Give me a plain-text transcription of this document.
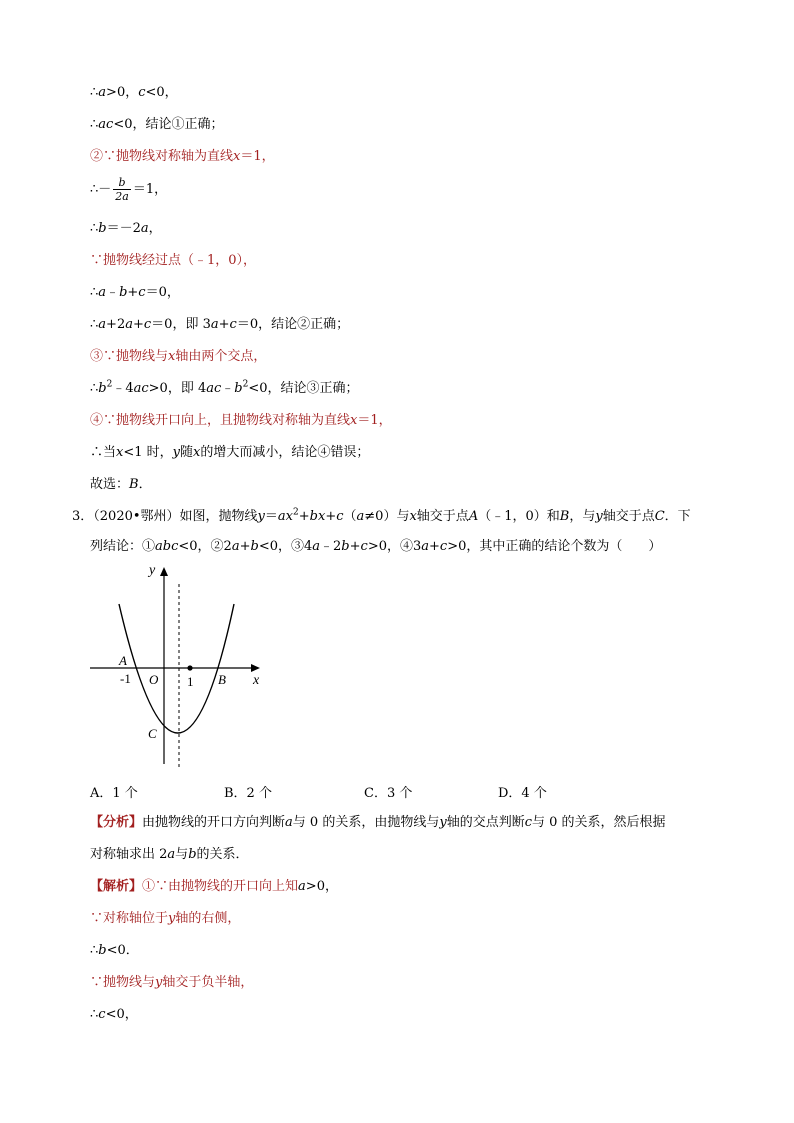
∴a>0，c<0，
∴ac<0，结论①正确；
②∵抛物线对称轴为直线x＝1，
∴－ $\frac{b}{2a} =1$，
∴b＝－2a，
∵抛物线经过点（﹣1，0），
∴a﹣b+c＝0，
∴a+2a+c＝0，即 3a+c＝0，结论②正确；
③∵抛物线与x轴由两个交点，
$\therefore b^2﹣4ac>0$，即 $4ac﹣b^2<0$，结论③正确；
④∵抛物线开口向上，且抛物线对称轴为直线x＝1，
∴当x<1 时，y随x的增大而减小，结论④错误；
故选：B．
3．（2020•鄂州）如图，抛物线$y=ax^2+bx+c(a\ne 0)$与x轴交于点A（﹣1，0）和B，与y轴交于点C．下
列结论：①abc<0，②2a+b<0，③4a﹣2b+c>0，④3a+c>0，其中正确的结论个数为（　　）
y
x
A
-1 O 1 B
C
A．1 个	B．2 个	C．3 个	D．4 个
【分析】由抛物线的开口方向判断a与 0 的关系，由抛物线与y轴的交点判断c与 0 的关系，然后根据
对称轴求出 2a与b的关系．
【解析】①∵由抛物线的开口向上知a>0，
∵对称轴位于y轴的右侧，
∴b<0．
∵抛物线与y轴交于负半轴，
∴c<0，
